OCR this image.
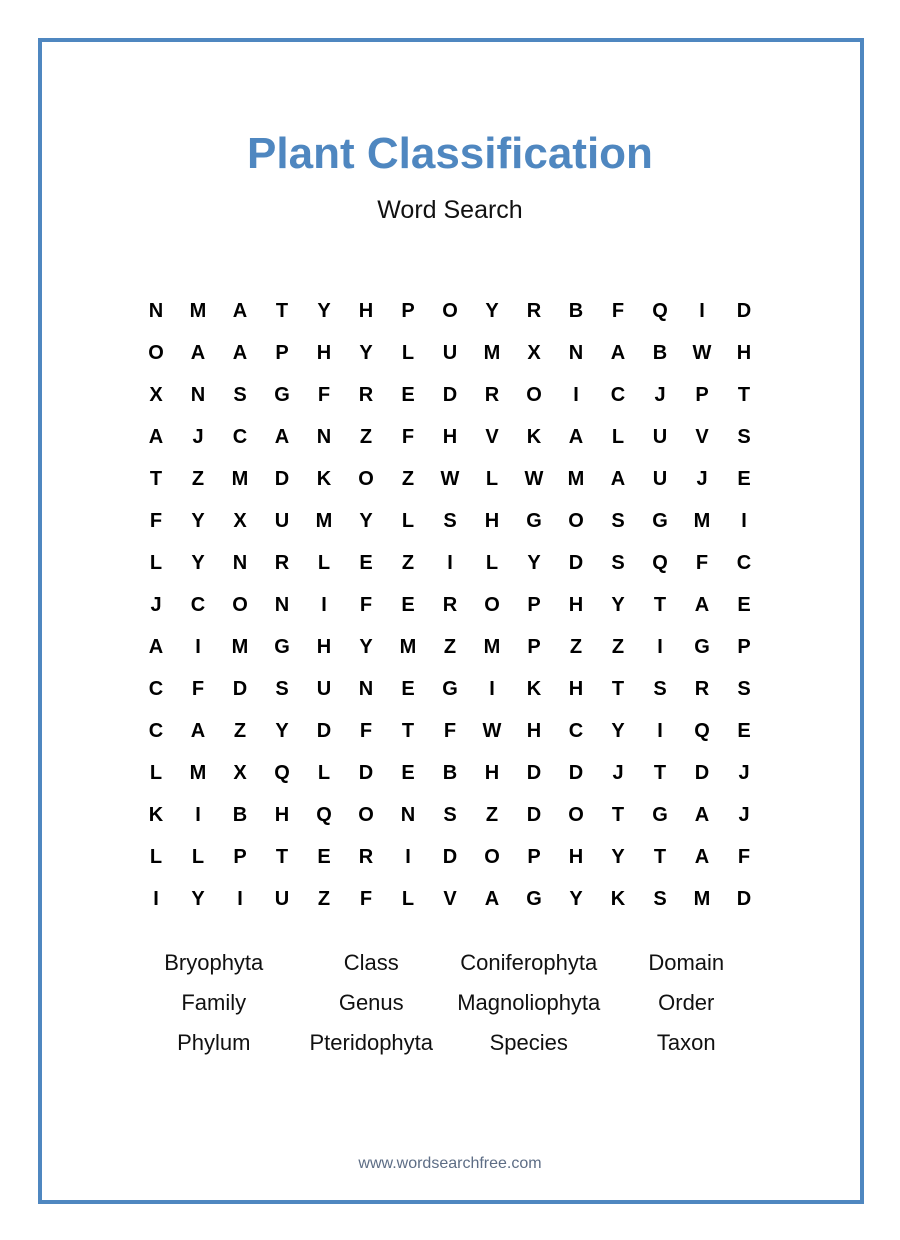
Plant Classification
Word Search
N	M	A	T	Y	H	P	O	Y	R	B	F	Q	I	D
O	A	A	P	H	Y	L	U	M	X	N	A	B	W	H
X	N	S	G	F	R	E	D	R	O	I	C	J	P	T
A	J	C	A	N	Z	F	H	V	K	A	L	U	V	S
T	Z	M	D	K	O	Z	W	L	W	M	A	U	J	E
F	Y	X	U	M	Y	L	S	H	G	O	S	G	M	I
L	Y	N	R	L	E	Z	I	L	Y	D	S	Q	F	C
J	C	O	N	I	F	E	R	O	P	H	Y	T	A	E
A	I	M	G	H	Y	M	Z	M	P	Z	Z	I	G	P
C	F	D	S	U	N	E	G	I	K	H	T	S	R	S
C	A	Z	Y	D	F	T	F	W	H	C	Y	I	Q	E
L	M	X	Q	L	D	E	B	H	D	D	J	T	D	J
K	I	B	H	Q	O	N	S	Z	D	O	T	G	A	J
L	L	P	T	E	R	I	D	O	P	H	Y	T	A	F
I	Y	I	U	Z	F	L	V	A	G	Y	K	S	M	D
Bryophyta	Class	Coniferophyta	Domain
Family	Genus	Magnoliophyta	Order
Phylum	Pteridophyta	Species	Taxon
www.wordsearchfree.com
